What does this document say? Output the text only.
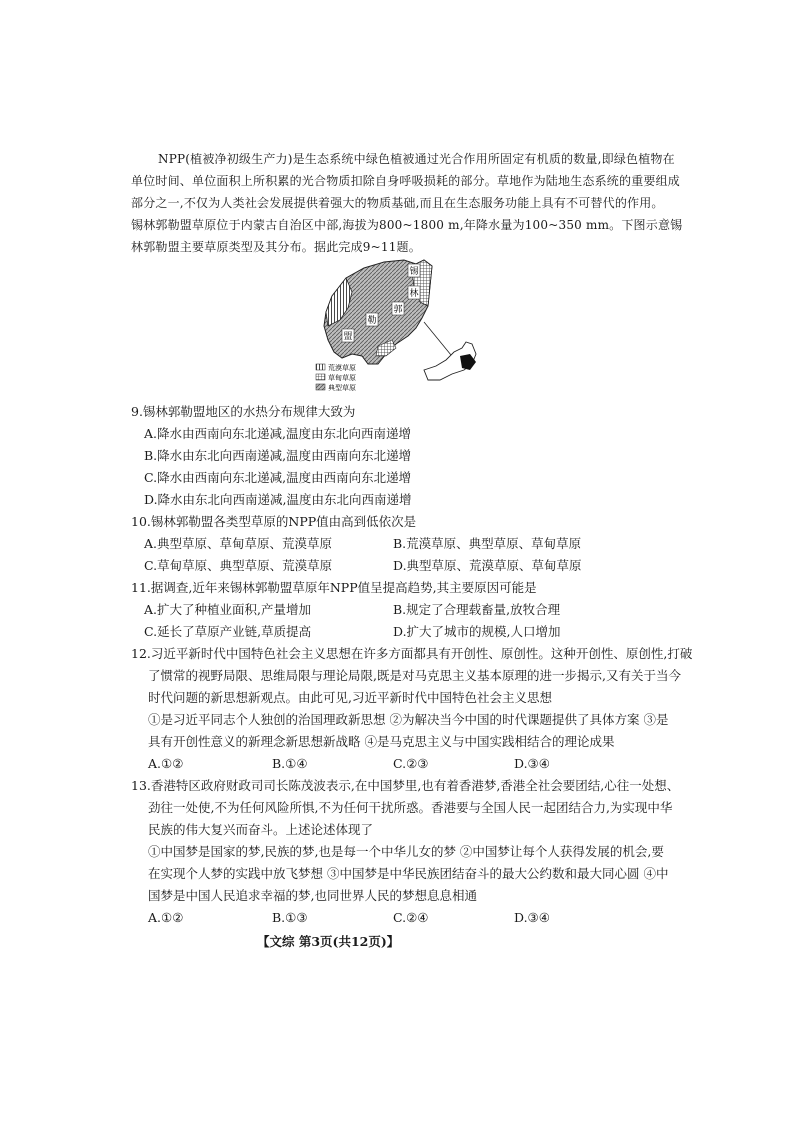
NPP(植被净初级生产力)是生态系统中绿色植被通过光合作用所固定有机质的数量,即绿色植物在
单位时间、单位面积上所积累的光合物质扣除自身呼吸损耗的部分。草地作为陆地生态系统的重要组成
部分之一,不仅为人类社会发展提供着强大的物质基础,而且在生态服务功能上具有不可替代的作用。
锡林郭勒盟草原位于内蒙古自治区中部,海拔为800~1800 m,年降水量为100~350 mm。下图示意锡
林郭勒盟主要草原类型及其分布。据此完成9~11题。
锡
林
郭
勒
盟
荒漠草原
草甸草原
典型草原
9.锡林郭勒盟地区的水热分布规律大致为
A.降水由西南向东北递减,温度由东北向西南递增
B.降水由东北向西南递减,温度由西南向东北递增
C.降水由西南向东北递减,温度由西南向东北递增
D.降水由东北向西南递减,温度由东北向西南递增
10.锡林郭勒盟各类型草原的NPP值由高到低依次是
A.典型草原、草甸草原、荒漠草原	B.荒漠草原、典型草原、草甸草原
C.草甸草原、典型草原、荒漠草原	D.典型草原、荒漠草原、草甸草原
11.据调查,近年来锡林郭勒盟草原年NPP值呈提高趋势,其主要原因可能是
A.扩大了种植业面积,产量增加	B.规定了合理载畜量,放牧合理
C.延长了草原产业链,草质提高	D.扩大了城市的规模,人口增加
12.习近平新时代中国特色社会主义思想在许多方面都具有开创性、原创性。这种开创性、原创性,打破
了惯常的视野局限、思维局限与理论局限,既是对马克思主义基本原理的进一步揭示,又有关于当今
时代问题的新思想新观点。由此可见,习近平新时代中国特色社会主义思想
①是习近平同志个人独创的治国理政新思想 ②为解决当今中国的时代课题提供了具体方案 ③是
具有开创性意义的新理念新思想新战略 ④是马克思主义与中国实践相结合的理论成果
A.①②	B.①④	C.②③	D.③④
13.香港特区政府财政司司长陈茂波表示,在中国梦里,也有着香港梦,香港全社会要团结,心往一处想、
劲往一处使,不为任何风险所惧,不为任何干扰所惑。香港要与全国人民一起团结合力,为实现中华
民族的伟大复兴而奋斗。上述论述体现了
①中国梦是国家的梦,民族的梦,也是每一个中华儿女的梦 ②中国梦让每个人获得发展的机会,要
在实现个人梦的实践中放飞梦想 ③中国梦是中华民族团结奋斗的最大公约数和最大同心圆 ④中
国梦是中国人民追求幸福的梦,也同世界人民的梦想息息相通
A.①②	B.①③	C.②④	D.③④
【文综 第3页(共12页)】
